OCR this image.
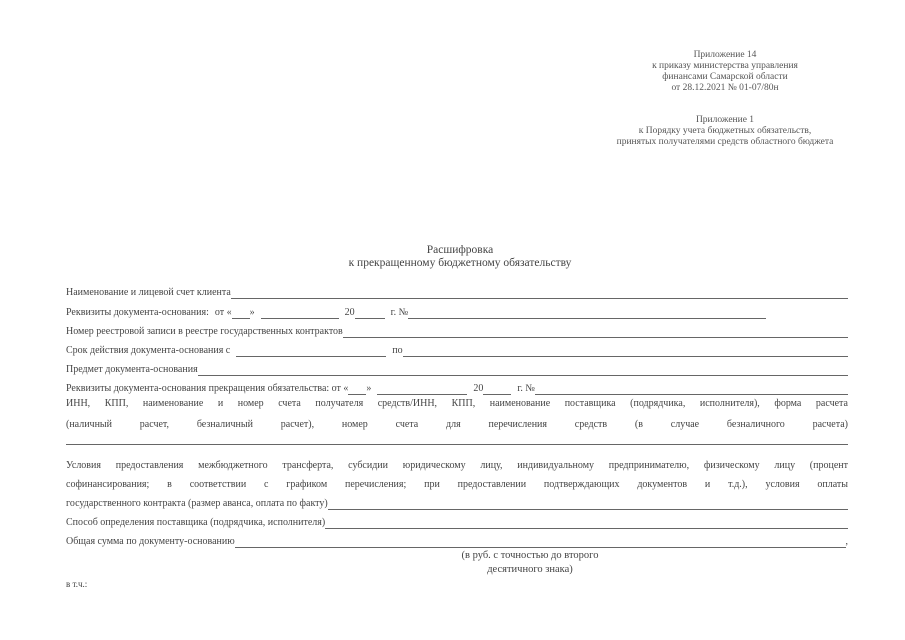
Приложение 14
к приказу министерства управления
финансами Самарской области
от 28.12.2021 № 01-07/80н
Приложение 1
к Порядку учета бюджетных обязательств,
принятых получателями средств областного бюджета
Расшифровка
к прекращенному бюджетному обязательству
Наименование и лицевой счет клиента
Реквизиты документа-основания: от « »	20	г. №
Номер реестровой записи в реестре государственных контрактов
Срок действия документа-основания с	по
Предмет документа-основания
Реквизиты документа-основания прекращения обязательства: от « »	20	г. №
ИНН, КПП, наименование и номер счета получателя средств/ИНН, КПП, наименование поставщика (подрядчика, исполнителя), форма расчета
(наличный расчет, безналичный расчет), номер счета для перечисления средств (в случае безналичного расчета)
Условия предоставления межбюджетного трансферта, субсидии юридическому лицу, индивидуальному предпринимателю, физическому лицу (процент
софинансирования; в соответствии с графиком перечисления; при предоставлении подтверждающих документов и т.д.), условия оплаты
государственного контракта (размер аванса, оплата по факту)
Способ определения поставщика (подрядчика, исполнителя)
Общая сумма по документу-основанию	,
(в руб. с точностью до второго
десятичного знака)
в т.ч.:
